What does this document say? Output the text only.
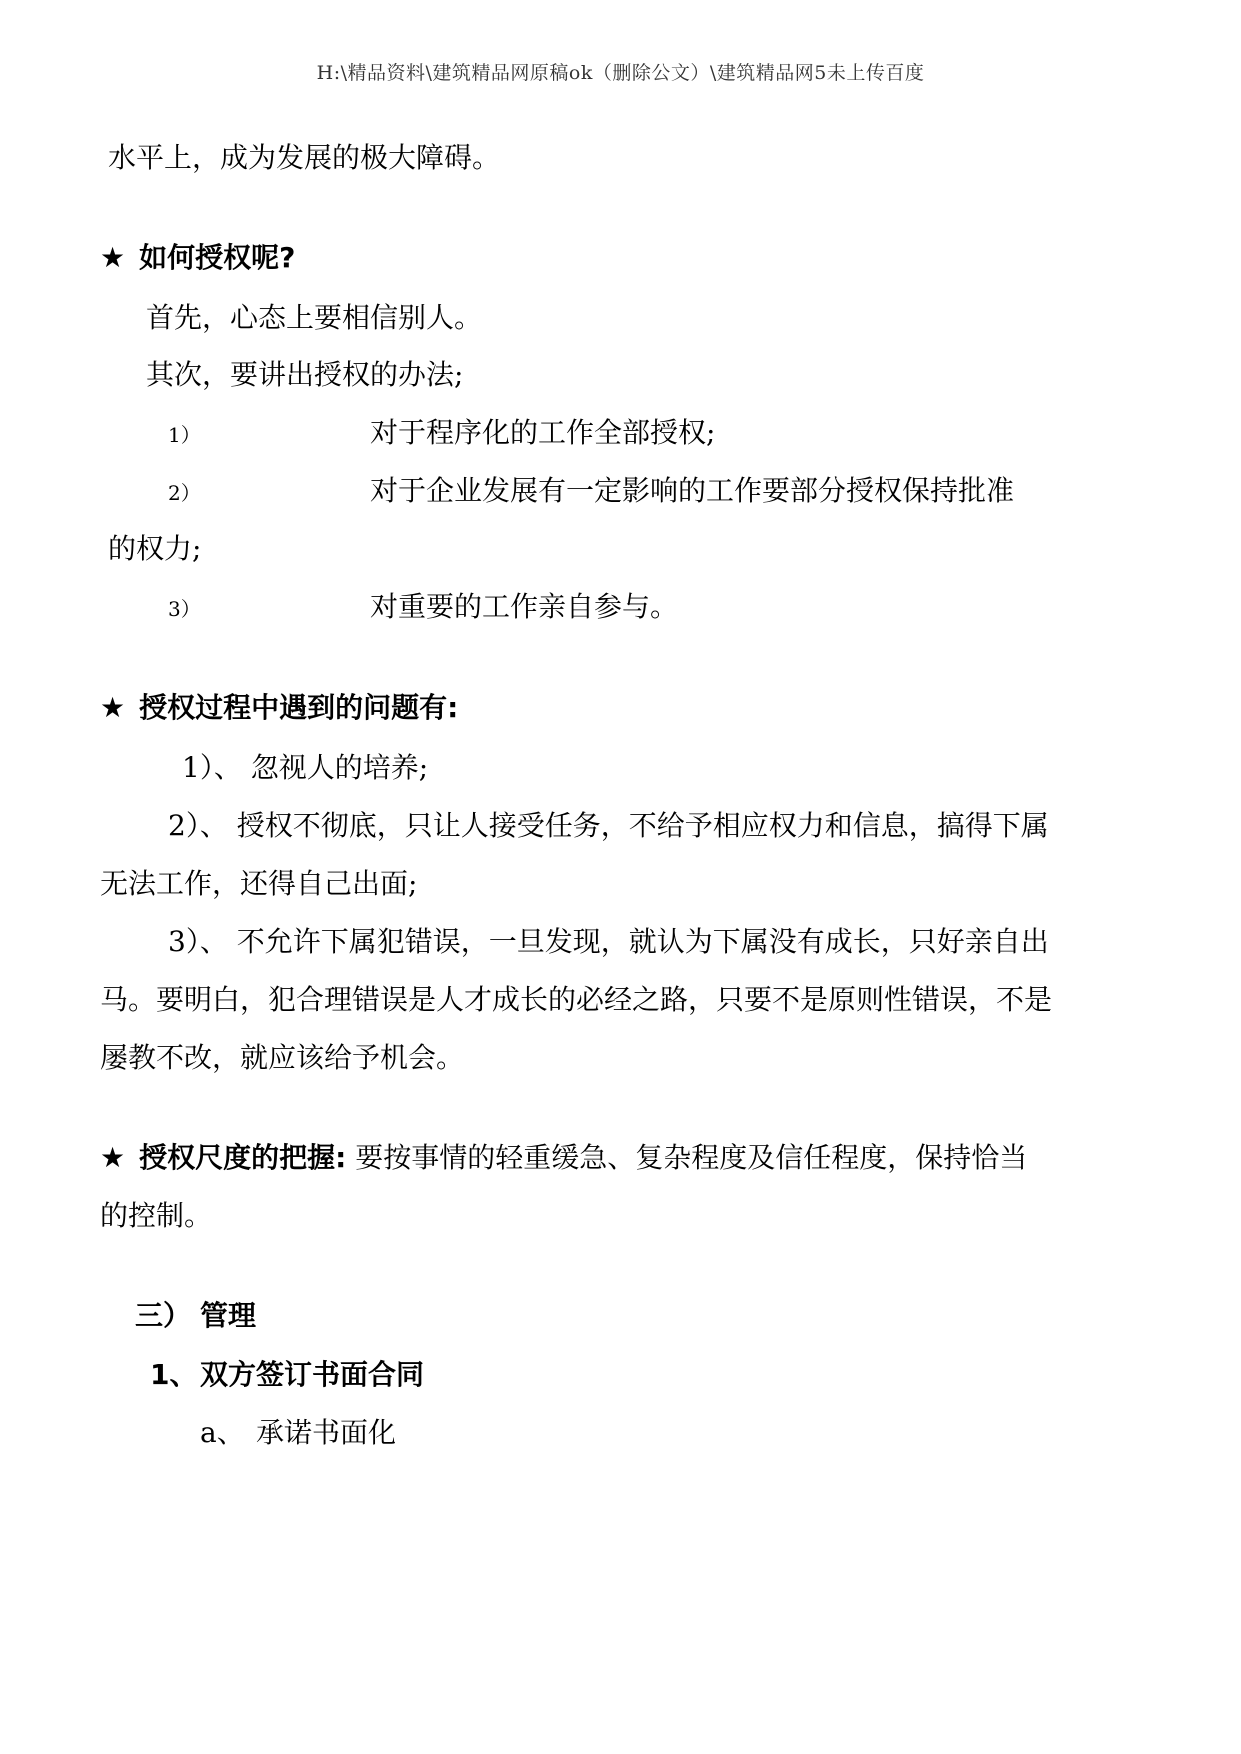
H:\精品资料\建筑精品网原稿ok（删除公文）\建筑精品网5未上传百度
水平上，成为发展的极大障碍。
★ 如何授权呢?
首先，心态上要相信别人。
其次，要讲出授权的办法;
1）	对于程序化的工作全部授权;
2）	对于企业发展有一定影响的工作要部分授权保持批准
的权力;
3）	对重要的工作亲自参与。
★ 授权过程中遇到的问题有:
1）、 忽视人的培养;
2）、 授权不彻底，只让人接受任务，不给予相应权力和信息，搞得下属
无法工作，还得自己出面;
3）、 不允许下属犯错误，一旦发现，就认为下属没有成长，只好亲自出
马。要明白，犯合理错误是人才成长的必经之路，只要不是原则性错误，不是
屡教不改，就应该给予机会。
★ 授权尺度的把握: 要按事情的轻重缓急、复杂程度及信任程度，保持恰当
的控制。
三） 管理
1、 双方签订书面合同
a、 承诺书面化
